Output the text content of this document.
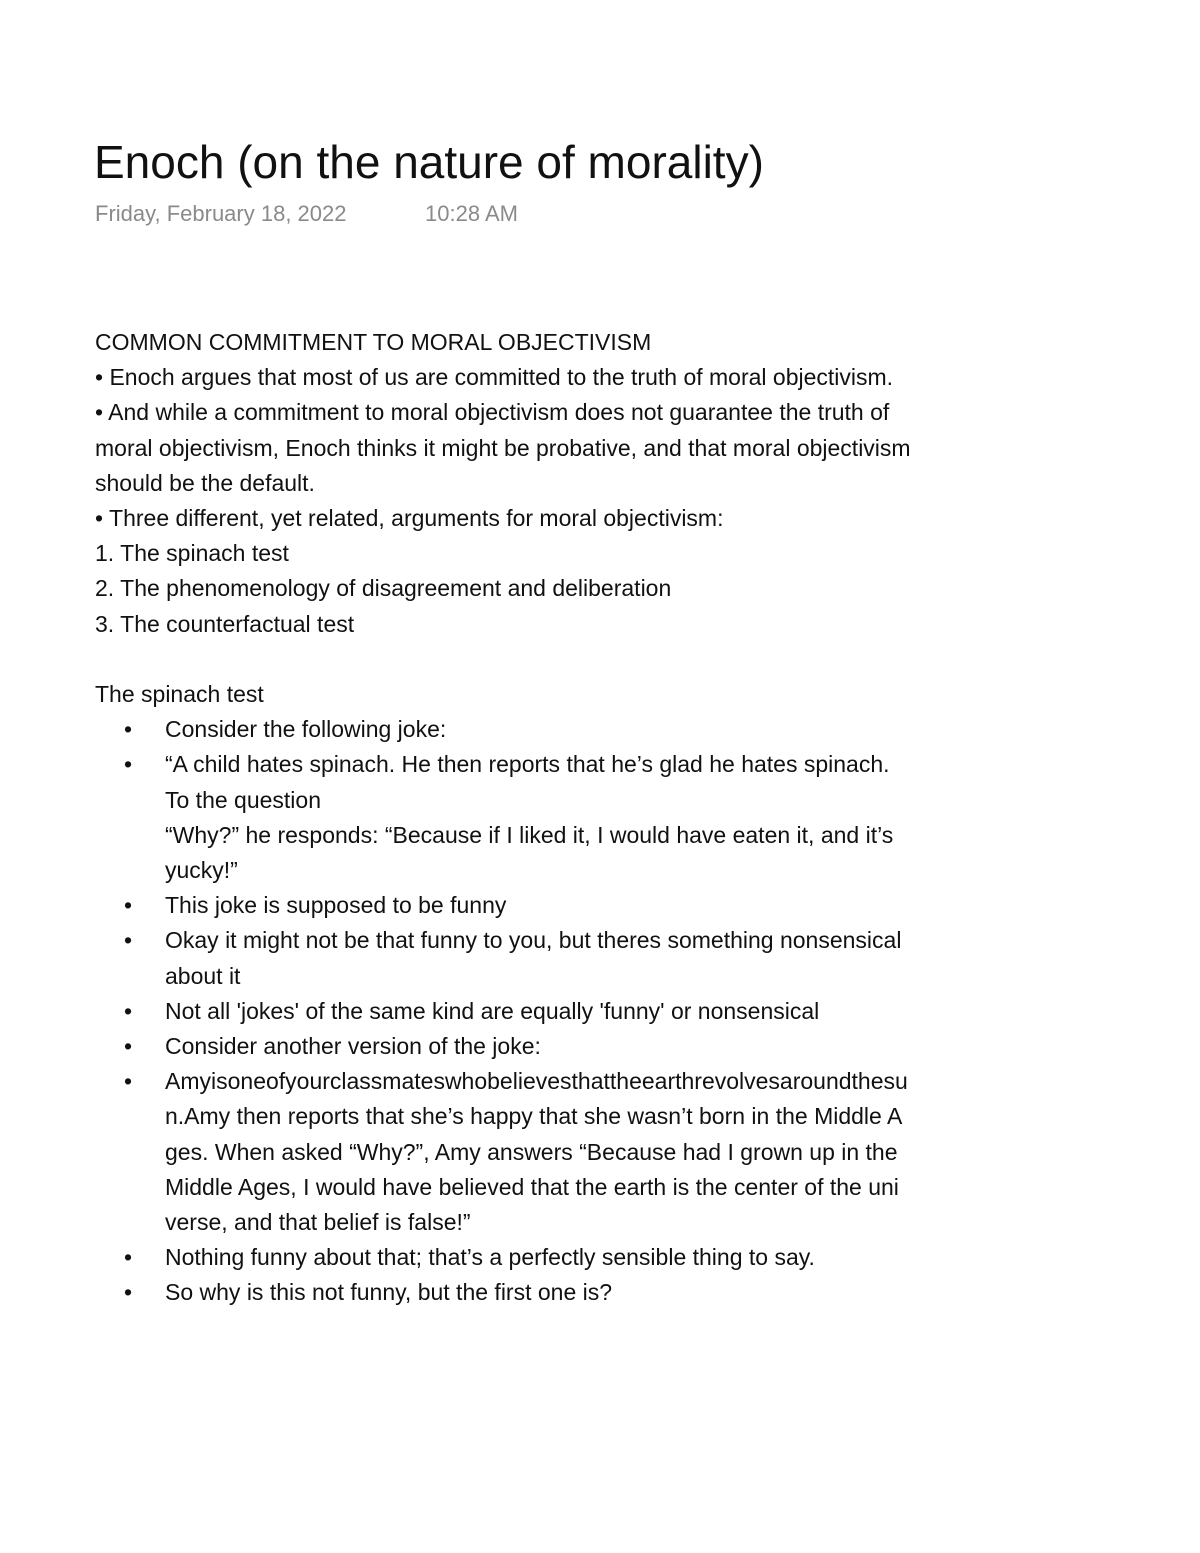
Enoch (on the nature of morality)
Friday, February 18, 2022	10:28 AM

COMMON COMMITMENT TO MORAL OBJECTIVISM

• Enoch argues that most of us are committed to the truth of moral objectivism.

• And while a commitment to moral objectivism does not guarantee the truth of moral objectivism, Enoch thinks it might be probative, and that moral objectivism should be the default.

• Three different, yet related, arguments for moral objectivism:

1. The spinach test

2. The phenomenology of disagreement and deliberation

3. The counterfactual test

The spinach test

• Consider the following joke:
• “A child hates spinach. He then reports that he’s glad he hates spinach. To the question
“Why?” he responds: “Because if I liked it, I would have eaten it, and it’s yucky!”
• This joke is supposed to be funny
• Okay it might not be that funny to you, but theres something nonsensical about it
• Not all 'jokes' of the same kind are equally 'funny' or nonsensical
• Consider another version of the joke:
• Amyisoneofyourclassmateswhobelievesthattheearthrevolvesaroundthesun.Amy then reports that she’s happy that she wasn’t born in the Middle Ages. When asked “Why?”, Amy answers “Because had I grown up in the Middle Ages, I would have believed that the earth is the center of the universe, and that belief is false!”
• Nothing funny about that; that’s a perfectly sensible thing to say.
• So why is this not funny, but the first one is?
